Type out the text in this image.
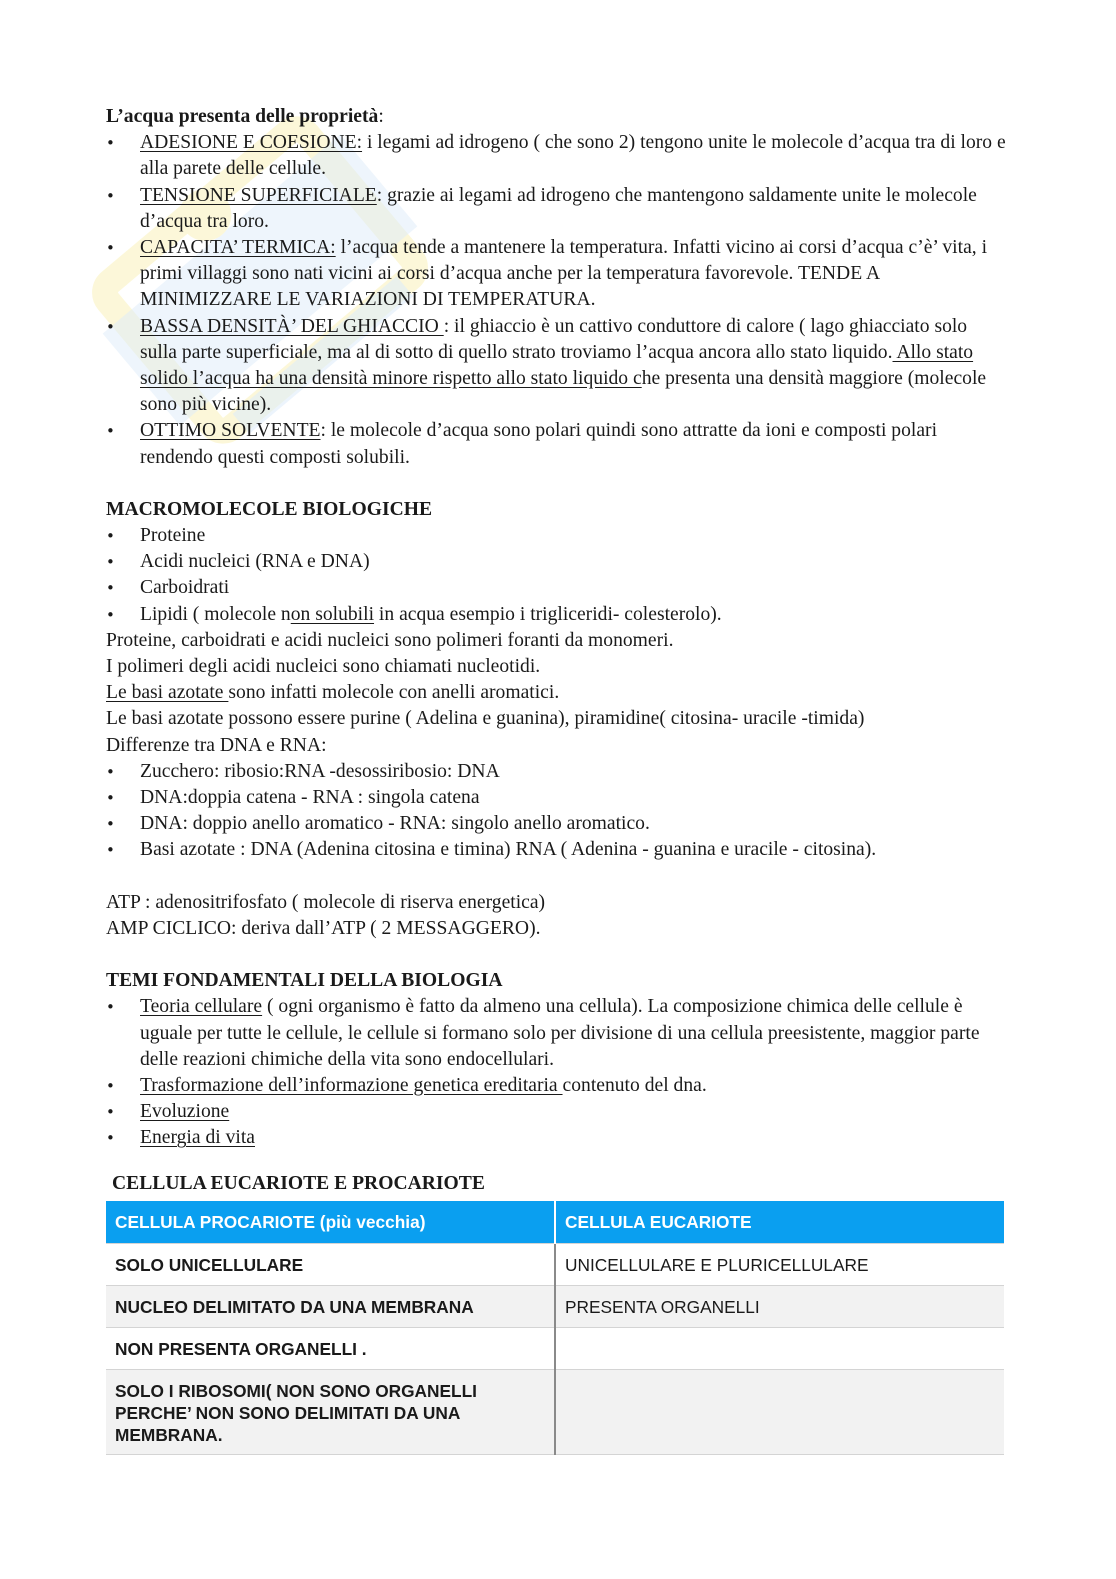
L’acqua presenta delle proprietà:

• ADESIONE E COESIONE: i legami ad idrogeno ( che sono 2) tengono unite le molecole d’acqua tra di loro e alla parete delle cellule.
• TENSIONE SUPERFICIALE: grazie ai legami ad idrogeno che mantengono saldamente unite le molecole d’acqua tra loro.
• CAPACITA’ TERMICA: l’acqua tende a mantenere la temperatura. Infatti vicino ai corsi d’acqua c’è’ vita, i primi villaggi sono nati vicini ai corsi d’acqua anche per la temperatura favorevole. TENDE A MINIMIZZARE LE VARIAZIONI DI TEMPERATURA.
• BASSA DENSITÀ’ DEL GHIACCIO : il ghiaccio è un cattivo conduttore di calore ( lago ghiacciato solo sulla parte superficiale, ma al di sotto di quello strato troviamo l’acqua ancora allo stato liquido. Allo stato solido l’acqua ha una densità minore rispetto allo stato liquido che presenta una densità maggiore (molecole sono più vicine).
• OTTIMO SOLVENTE: le molecole d’acqua sono polari quindi sono attratte da ioni e composti polari rendendo questi composti solubili.

MACROMOLECOLE BIOLOGICHE

• Proteine
• Acidi nucleici (RNA e DNA)
• Carboidrati
• Lipidi ( molecole non solubili in acqua esempio i trigliceridi- colesterolo).

Proteine, carboidrati e acidi nucleici sono polimeri foranti da monomeri.

I polimeri degli acidi nucleici sono chiamati nucleotidi.

Le basi azotate sono infatti molecole con anelli aromatici.

Le basi azotate possono essere purine ( Adelina e guanina), piramidine( citosina- uracile -timida)

Differenze tra DNA e RNA:

• Zucchero: ribosio:RNA -desossiribosio: DNA
• DNA:doppia catena - RNA : singola catena
• DNA: doppio anello aromatico - RNA: singolo anello aromatico.
• Basi azotate : DNA (Adenina citosina e timina) RNA ( Adenina - guanina e uracile - citosina).

ATP : adenositrifosfato ( molecole di riserva energetica)

AMP CICLICO: deriva dall’ATP ( 2 MESSAGGERO).

TEMI FONDAMENTALI DELLA BIOLOGIA

• Teoria cellulare ( ogni organismo è fatto da almeno una cellula). La composizione chimica delle cellule è uguale per tutte le cellule, le cellule si formano solo per divisione di una cellula preesistente, maggior parte delle reazioni chimiche della vita sono endocellulari.
• Trasformazione dell’informazione genetica ereditaria contenuto del dna.
• Evoluzione
• Energia di vita

CELLULA EUCARIOTE E PROCARIOTE

CELLULA PROCARIOTE (più vecchia)	CELLULA EUCARIOTE
SOLO UNICELLULARE	UNICELLULARE E PLURICELLULARE
NUCLEO DELIMITATO DA UNA MEMBRANA	PRESENTA ORGANELLI
NON PRESENTA ORGANELLI .	
SOLO I RIBOSOMI( NON SONO ORGANELLI PERCHE’ NON SONO DELIMITATI DA UNA MEMBRANA.	
